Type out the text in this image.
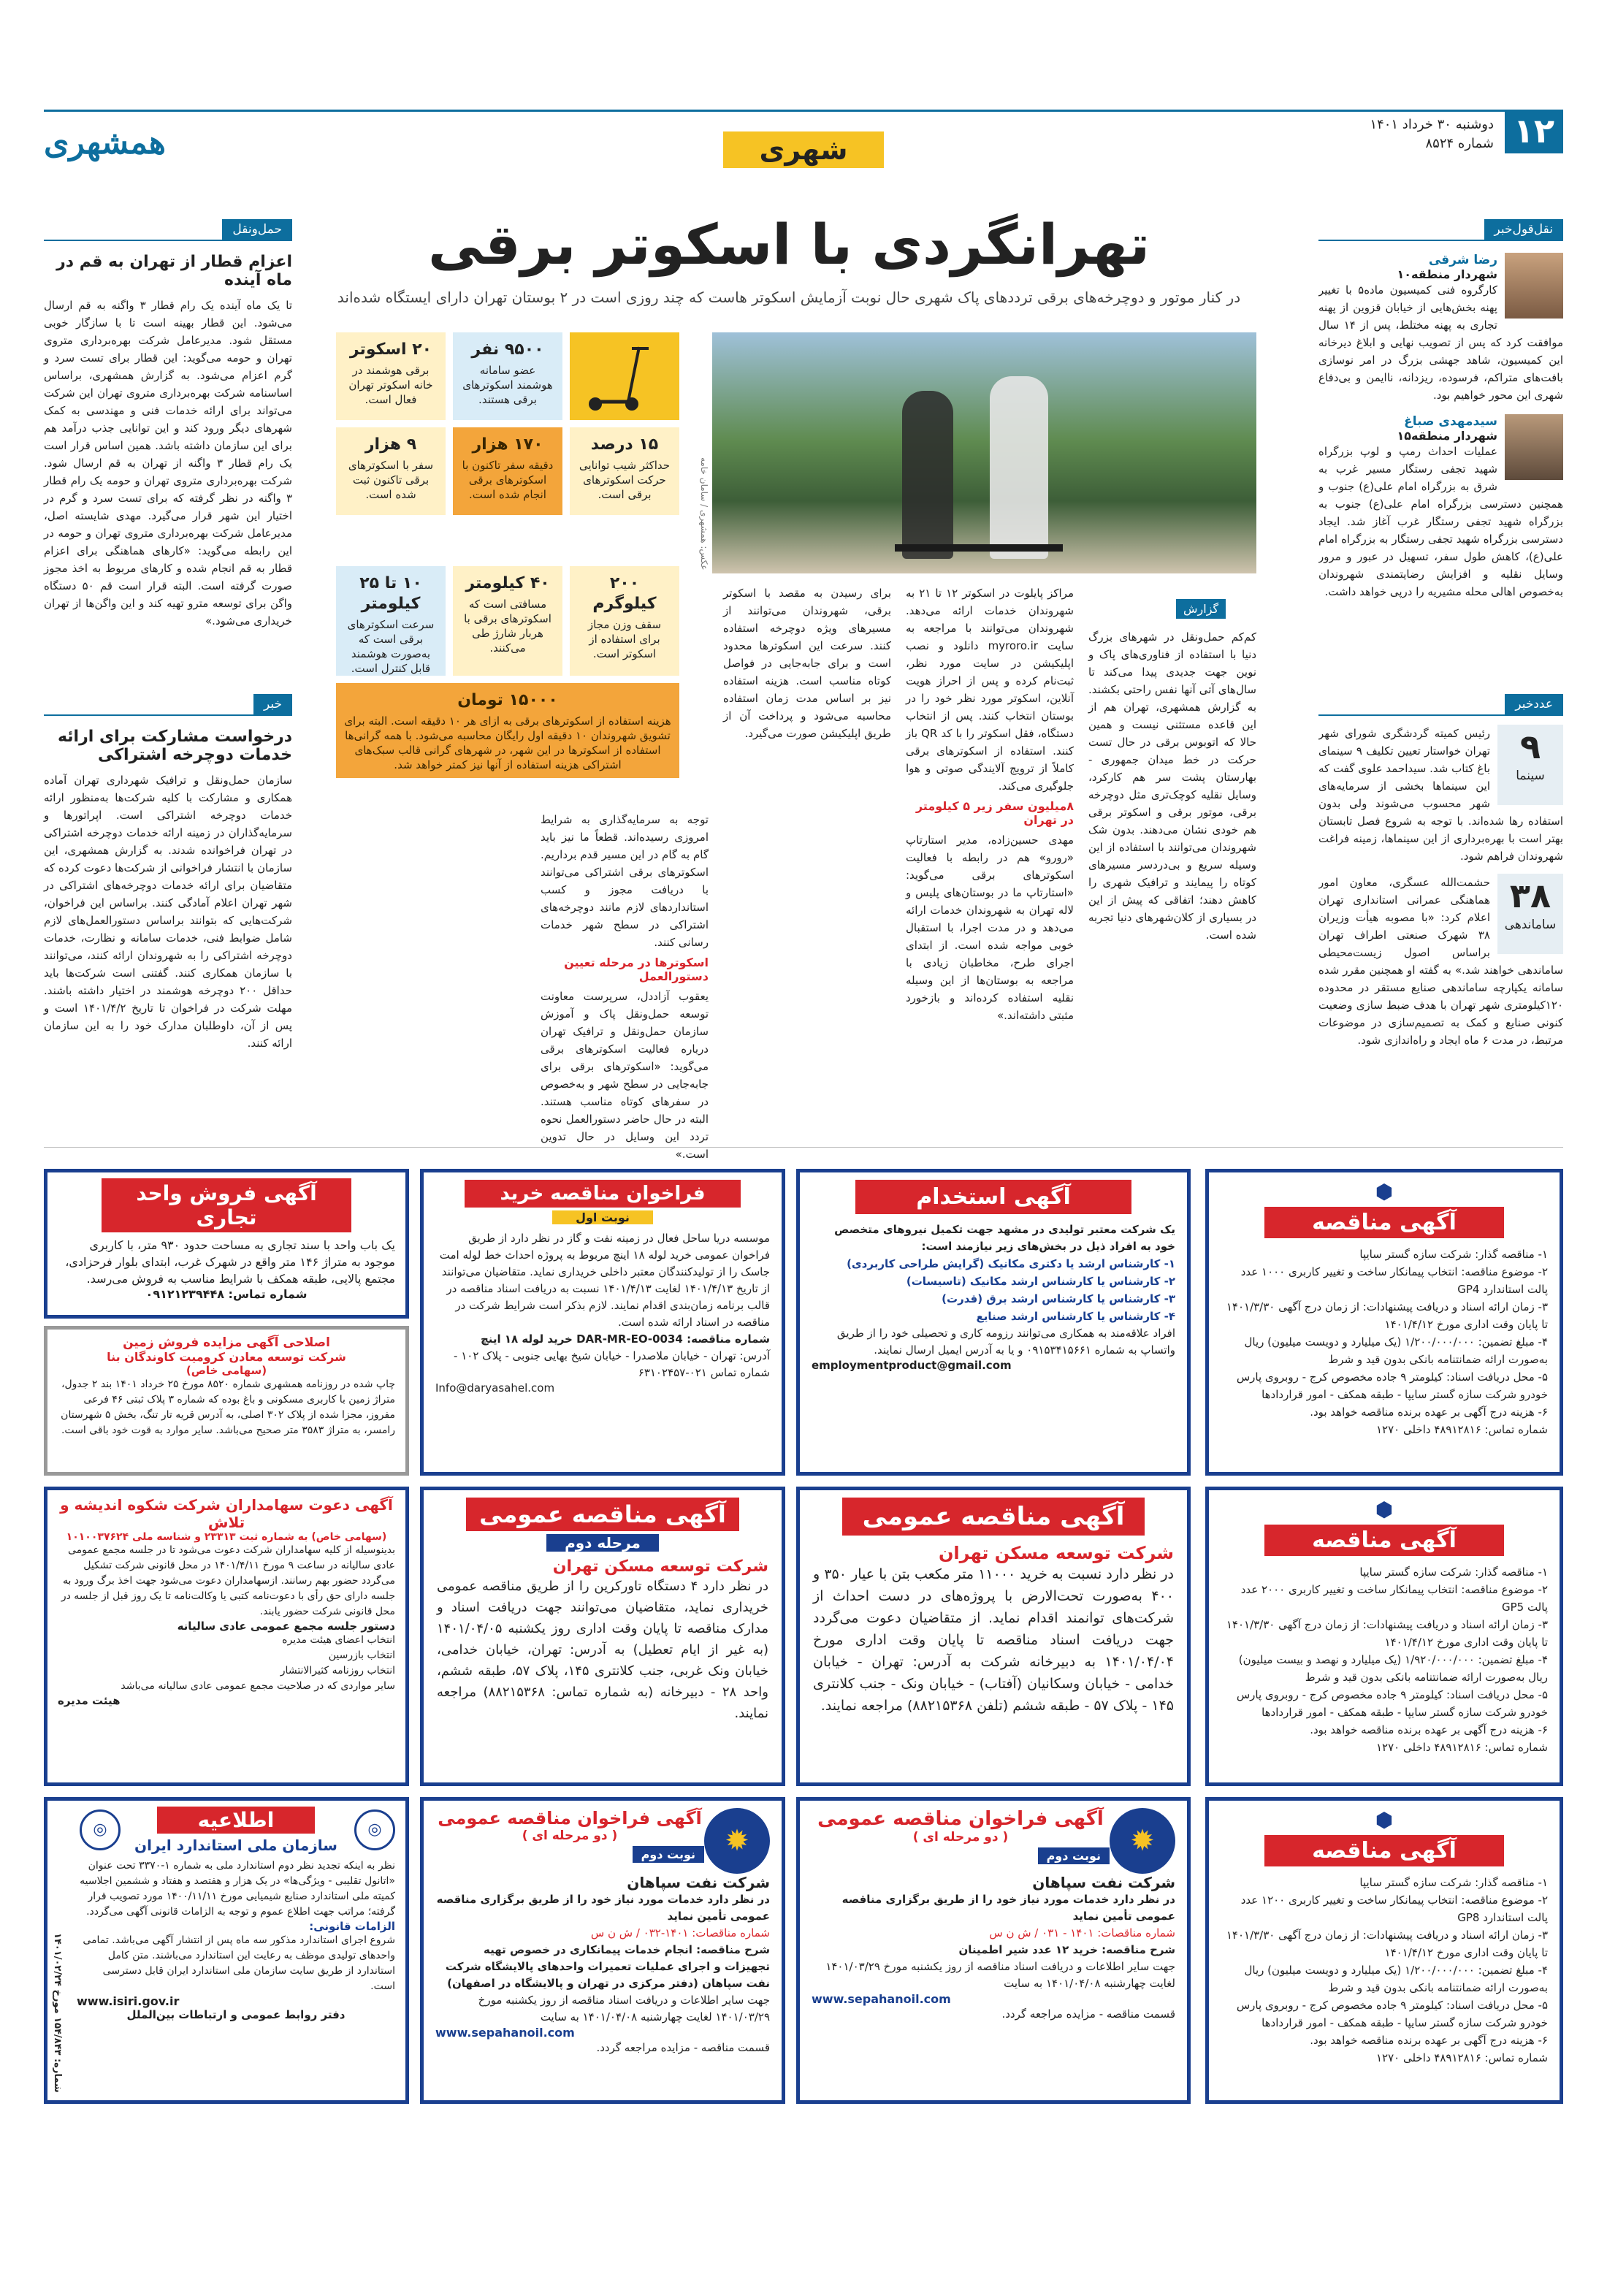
۱۲
دوشنبه ۳۰ خرداد ۱۴۰۱
شماره ۸۵۲۴
شهری
همشهری
نقل‌قول‌خبر
رضا شرقی
شهردار منطقه۱۰

کارگروه فنی کمیسیون ماده۵ با تغییر پهنه بخش‌هایی از خیابان قزوین از پهنه تجاری به پهنه مختلط، پس از ۱۴ سال موافقت کرد که پس از تصویب نهایی و ابلاغ دیرخانه این کمیسیون، شاهد جهشی بزرگ در امر نوسازی بافت‌های متراکم، فرسوده، ریزدانه، ناایمن و بی‌دفاع شهری این محور خواهیم بود.

سیدمهدی صباغ
شهردار منطقه۱۵

عملیات احداث رمپ و لوپ بزرگراه شهید تجفی رستگار مسیر غرب به شرق به بزرگراه امام علی(ع) جنوب و همچنین دسترسی بزرگراه امام علی(ع) جنوب به بزرگراه شهید تجفی رستگار غرب آغاز شد. ایجاد دسترسی بزرگراه شهید تجفی رستگار به بزرگراه امام علی(ع)، کاهش طول سفر، تسهیل در عبور و مرور وسایل نقلیه و افزایش رضایتمندی شهروندان به‌خصوص اهالی محله مشیریه را درپی خواهد داشت.

عدد‌خبر
۹
سینما

رئیس کمیته گردشگری شورای شهر تهران خواستار تعیین تکلیف ۹ سینمای باغ کتاب شد. سیداحمد علوی گفت که این سینماها بخشی از سرمایه‌های شهر محسوب می‌شوند ولی بدون استفاده رها شده‌اند. با توجه به شروع فصل تابستان بهتر است با بهره‌برداری از این سینماها، زمینه فراغت شهروندان فراهم شود.

۳۸
ساماندهی

حشمت‌الله عسگری، معاون امور هماهنگی عمرانی استانداری تهران اعلام کرد: «با مصوبه هیأت وزیران ۳۸ شهرک صنعتی اطراف تهران براساس اصول زیست‌محیطی ساماندهی خواهند شد.» به گفته او همچنین مقرر شده سامانه یکپارچه ساماندهی صنایع مستقر در محدوده ۱۲۰کیلومتری شهر تهران با هدف ضبط سازی وضعیت کنونی صنایع و کمک به تصمیم‌سازی در موضوعات مرتبط، در مدت ۶ ماه ایجاد و راه‌اندازی شود.

تهرانگردی با اسکوتر برقی
در کنار موتور و دوچرخه‌های برقی تردد‌های پاک شهری حال نوبت آزمایش اسکوتر هاست که چند روزی است در ۲ بوستان تهران دارای ایستگاه شده‌اند
عکس: همشهری / سامان خامه
۲۰ اسکوتر
برقی هوشمند در خانه اسکوتر تهران فعال است.
۹۵۰۰ نفر
عضو سامانه هوشمند اسکوترهای برقی هستند.
۹ هزار
سفر با اسکوترهای برقی تاکنون ثبت شده است.
۱۷۰ هزار
دقیقه سفر تاکنون با اسکوترهای برقی انجام شده است.
۱۵ درصد
حداکثر شیب توانایی حرکت اسکوترهای برقی است.
۱۰ تا ۲۵ کیلومتر
سرعت اسکوترهای برقی است که به‌صورت هوشمند قابل کنترل است.
۴۰ کیلومتر
مسافتی است که اسکوترهای برقی با هربار شارژ طی می‌کنند.
۲۰۰ کیلوگرم
سقف وزن مجاز برای استفاده از اسکوتر است.
۱۵۰۰۰ تومان
هزینه استفاده از اسکوترهای برقی به ازای هر ۱۰ دقیقه است. البته برای تشویق شهروندان ۱۰ دقیقه اول رایگان محاسبه می‌شود. با همه گرانی‌ها استفاده از اسکوترها در این شهر، در شهرهای گرانی قالب سبک‌های اشتراکی هزینه استفاده از آنها نیز کمتر خواهد شد.
گزارش

کم‌کم حمل‌ونقل در شهرهای بزرگ دنیا با استفاده از فناوری‌های پاک و نوین جهت جدیدی پیدا می‌کند تا سال‌های آتی آنها نفس راحتی بکشند. به گزارش همشهری، تهران هم از این قاعده مستثنی نیست و همین حالا که اتوبوس برقی در حال تست حرکت در خط میدان جمهوری - بهارستان پشت سر هم کارکرد، وسایل نقلیه کوچک‌تری مثل دوچرخه برقی، موتور برقی و اسکوتر برقی هم خودی نشان می‌دهند. بدون شک شهروندان می‌توانند با استفاده از این وسیله سریع و بی‌دردسر مسیرهای کوتاه را پیمایند و ترافیک شهری را کاهش دهند؛ اتفاقی که پیش از این در بسیاری از کلان‌شهرهای دنیا تجربه شده است.

مراکز پایلوت در اسکوتر ۱۲ تا ۲۱ به شهروندان خدمات ارائه می‌دهد. شهروندان می‌توانند با مراجعه به سایت myroro.ir دانلود و نصب اپلیکیشن در سایت مورد نظر، ثبت‌نام کرده و پس از احراز هویت آنلاین، اسکوتر مورد نظر خود را در بوستان انتخاب کنند. پس از انتخاب دستگاه، فقل اسکوتر را با کد QR باز کنند. استفاده از اسکوترهای برقی کاملاً از ترویج آلایندگی صوتی و هوا جلوگیری می‌کند.

۸میلیون سفر زیر ۵ کیلومتر در تهران

مهدی حسین‌زاده، مدیر استارتاپ «رورو» هم در رابطه با فعالیت اسکوترهای برقی می‌گوید: «استارتاپ ما در بوستان‌های پلیس و لاله تهران به شهروندان خدمات ارائه می‌دهد و در مدت اجرا، با استقبال خوبی مواجه شده است. از ابتدای اجرای طرح، مخاطبان زیادی با مراجعه به بوستان‌ها از این وسیله نقلیه استفاده کرده‌اند و بازخورد مثبتی داشته‌اند.»

برای رسیدن به مقصد با اسکوتر برقی، شهروندان می‌توانند از مسیرهای ویژه دوچرخه استفاده کنند. سرعت این اسکوترها محدود است و برای جابه‌جایی در فواصل کوتاه مناسب است. هزینه استفاده نیز بر اساس مدت زمان استفاده محاسبه می‌شود و پرداخت آن از طریق اپلیکیشن صورت می‌گیرد.

توجه به سرمایه‌گذاری به شرایط امروزی رسیده‌اند. قطعاً ما نیز باید گام به گام در این مسیر قدم برداریم. اسکوترهای برقی اشتراکی می‌توانند با دریافت مجوز و کسب استانداردهای لازم مانند دوچرخه‌های اشتراکی در سطح شهر خدمات رسانی کنند.

اسکوترها در مرحله تعیین دستورالعمل

یعقوب آزاددل، سرپرست معاونت توسعه حمل‌ونقل پاک و آموزش سازمان حمل‌ونقل و ترافیک تهران درباره فعالیت اسکوترهای برقی می‌گوید: «اسکوترهای برقی برای جابه‌جایی در سطح شهر و به‌خصوص در سفرهای کوتاه مناسب هستند. البته در حال حاضر دستورالعمل نحوه تردد این وسایل در حال تدوین است.»

حمل‌و‌نقل
اعزام قطار از تهران به قم در ماه آینده

تا یک ماه آینده یک رام قطار ۳ واگنه به قم ارسال می‌شود. این قطار بهینه است تا با سازگار خوبی مستقل شود. مدیرعامل شرکت بهره‌برداری متروی تهران و حومه می‌گوید: این قطار برای تست سرد و گرم اعزام می‌شود. به گزارش همشهری، براساس اساسنامه شرکت بهره‌برداری متروی تهران این شرکت می‌تواند برای ارائه خدمات فنی و مهندسی به کمک شهرهای دیگر ورود کند و این توانایی جذب درآمد هم برای این سازمان داشته باشد. همین اساس قرار است یک رام قطار ۳ واگنه از تهران به قم ارسال شود. شرکت بهره‌برداری متروی تهران و حومه یک رام قطار ۳ واگنه در نظر گرفته که برای تست سرد و گرم در اختیار این شهر قرار می‌گیرد. مهدی شایسته اصل، مدیرعامل شرکت بهره‌برداری متروی تهران و حومه در این رابطه می‌گوید: «کارهای هماهنگی برای اعزام قطار به قم انجام شده و کارهای مربوط به اخذ مجوز صورت گرفته است. البته قرار است قم ۵۰ دستگاه واگن برای توسعه مترو تهیه کند و این واگن‌ها از تهران خریداری می‌شود.»

خبر
درخواست مشارکت برای ارائه خدمات دوچرخه اشتراکی

سازمان حمل‌ونقل و ترافیک شهرداری تهران آماده همکاری و مشارکت با کلیه شرکت‌ها به‌منظور ارائه خدمات دوچرخه اشتراکی است. اپراتورها و سرمایه‌گذاران در زمینه ارائه خدمات دوچرخه اشتراکی در تهران فراخوانده شدند. به گزارش همشهری، این سازمان با انتشار فراخوانی از شرکت‌ها دعوت کرده که متقاضیان برای ارائه خدمات دوچرخه‌های اشتراکی در شهر تهران اعلام آمادگی کنند. براساس این فراخوان، شرکت‌هایی که بتوانند براساس دستورالعمل‌های لازم شامل ضوابط فنی، خدمات سامانه و نظارت، خدمات دوچرخه اشتراکی را به شهروندان ارائه کنند، می‌توانند با سازمان همکاری کنند. گفتنی است شرکت‌ها باید حداقل ۲۰۰ دوچرخه هوشمند در اختیار داشته باشند. مهلت شرکت در فراخوان تا تاریخ ۱۴۰۱/۴/۲ است و پس از آن، داوطلبان مدارک خود را به این سازمان ارائه کنند.

⬢
آگهی مناقصه
۱- مناقصه گذار: شرکت سازه گستر سایپا
۲- موضوع مناقصه: انتخاب پیمانکار ساخت و تغییر کاربری ۱۰۰۰ عدد پالت استاندارد GP4
۳- زمان ارائه اسناد و دریافت پیشنهادات: از زمان درج آگهی ۱۴۰۱/۳/۳۰ تا پایان وقت اداری مورخ ۱۴۰۱/۴/۱۲
۴- مبلغ تضمین: ۱/۲۰۰/۰۰۰/۰۰۰ (یک میلیارد و دویست میلیون) ریال به‌صورت ارائه ضمانتنامه بانکی بدون قید و شرط
۵- محل دریافت اسناد: کیلومتر ۹ جاده مخصوص کرج - روبروی پارس خودرو شرکت سازه گستر سایپا - طبقه همکف - امور قراردادها
۶- هزینه درج آگهی بر عهده برنده مناقصه خواهد بود.
شماره تماس: ۴۸۹۱۲۸۱۶ داخلی ۱۲۷۰
آگهی استخدام

یک شرکت معتبر تولیدی در مشهد جهت تکمیل نیروهای متخصص خود به افراد ذیل در بخش‌های زیر نیازمند است:

۱- کارشناس ارشد یا دکتری مکانیک (گرایش طراحی کاربردی)
۲- کارشناس یا کارشناس ارشد مکانیک (تاسیسات)
۳- کارشناس یا کارشناس ارشد برق (قدرت)
۴- کارشناس یا کارشناس ارشد صنایع

افراد علاقه‌مند به همکاری می‌توانند رزومه کاری و تحصیلی خود را از طریق واتساپ به شماره ۰۹۱۵۳۴۱۵۶۶۱ و یا به آدرس ایمیل ارسال نمایند.

employmentproduct@gmail.com
فراخوان مناقصه خرید
نوبت اول

موسسه دریا ساحل فعال در زمینه نفت و گاز در نظر دارد از طریق فراخوان عمومی خرید لوله ۱۸ اینچ مربوط به پروژه احداث خط لوله امت جاسک را از تولیدکنندگان معتبر داخلی خریداری نماید. متقاضیان می‌توانند از تاریخ ۱۴۰۱/۴/۱۳ لغایت ۱۴۰۱/۴/۱۳ نسبت به دریافت اسناد مناقصه در قالب برنامه زمان‌بندی اقدام نمایند. لازم بذکر است شرایط شرکت در مناقصه در اسناد ارائه شده است.

شماره مناقصه: DAR-MR-EO-0034 خرید لوله ۱۸ اینچ

آدرس: تهران - خیابان ملاصدرا - خیابان شیخ بهایی جنوبی - پلاک ۱۰۲ - شماره تماس ۰۲۱-۶۳۱۰۲۴۵۷

Info@daryasahel.com
آگهی فروش واحد تجاری

یک باب واحد با سند تجاری به مساحت حدود ۹۳۰ متر، با کاربری موجود به متراژ ۱۴۶ متر واقع در شهرک غرب، ابتدای بلوار فرحزادی، مجتمع پالایی، طبقه همکف با شرایط مناسب به فروش می‌رسد.

شماره تماس: ۰۹۱۲۱۲۳۹۴۴۸
اصلاحی آگهی مزایده فروش زمین
شرکت توسعه معادن کرومیت کاوندگان بنا
(سهامی خاص)

چاپ شده در روزنامه همشهری شماره ۸۵۲۰ مورخ ۲۵ خرداد ۱۴۰۱ بند ۲ جدول، متراژ زمین با کاربری مسکونی و باغ بوده که شماره ۳ پلاک ثبتی ۴۶ فرعی مفروز، مجزا شده از پلاک ۳۰۲ اصلی، به آدرس قریه تار تنگ، بخش ۵ شهرستان رامسر، به متراژ ۳۵۸۳ متر صحیح می‌باشد. سایر موارد به قوت خود باقی است.

⬢
آگهی مناقصه
۱- مناقصه گذار: شرکت سازه گستر سایپا
۲- موضوع مناقصه: انتخاب پیمانکار ساخت و تغییر کاربری ۲۰۰۰ عدد پالت GP5
۳- زمان ارائه اسناد و دریافت پیشنهادات: از زمان درج آگهی ۱۴۰۱/۳/۳۰ تا پایان وقت اداری مورخ ۱۴۰۱/۴/۱۲
۴- مبلغ تضمین: ۱/۹۲۰/۰۰۰/۰۰۰ (یک میلیارد و نهصد و بیست میلیون) ریال به‌صورت ارائه ضمانتنامه بانکی بدون قید و شرط
۵- محل دریافت اسناد: کیلومتر ۹ جاده مخصوص کرج - روبروی پارس خودرو شرکت سازه گستر سایپا - طبقه همکف - امور قراردادها
۶- هزینه درج آگهی بر عهده برنده مناقصه خواهد بود.
شماره تماس: ۴۸۹۱۲۸۱۶ داخلی ۱۲۷۰
آگهی مناقصه عمومی
شرکت توسعه مسکن تهران

در نظر دارد نسبت به خرید ۱۱۰۰۰ متر مکعب بتن با عیار ۳۵۰ و ۴۰۰ به‌صورت تحت‌الارض با پروژه‌های در دست احداث از شرکت‌های توانمند اقدام نماید. از متقاضیان دعوت می‌گردد جهت دریافت اسناد مناقصه تا پایان وقت اداری مورخ ۱۴۰۱/۰۴/۰۴ به دبیرخانه شرکت به آدرس: تهران - خیابان خدامی - خیابان وسکانیان (آفتاب) - خیابان ونک - جنب کلانتری ۱۴۵ - پلاک ۵۷ - طبقه ششم (تلفن ۸۸۲۱۵۳۶۸) مراجعه نمایند.

آگهی مناقصه عمومی
مرحله دوم
شرکت توسعه مسکن تهران

در نظر دارد ۴ دستگاه تاورکرین را از طریق مناقصه عمومی خریداری نماید، متقاضیان می‌توانند جهت دریافت اسناد و مدارک مناقصه تا پایان وقت اداری روز یکشنبه ۱۴۰۱/۰۴/۰۵ (به غیر از ایام تعطیل) به آدرس: تهران، خیابان خدامی، خیابان ونک غربی، جنب کلانتری ۱۴۵، پلاک ۵۷، طبقه ششم، واحد ۲۸ - دبیرخانه (به شماره تماس: ۸۸۲۱۵۳۶۸) مراجعه نمایند.

آگهی دعوت سهامداران شرکت شکوه اندیشه و تلاش
(سهامی خاص) به شماره ثبت ۲۳۳۱۳ و شناسه ملی ۱۰۱۰۰۳۷۶۲۴

بدینوسیله از کلیه سهامداران شرکت دعوت می‌شود تا در جلسه مجمع عمومی عادی سالیانه در ساعت ۹ مورخ ۱۴۰۱/۴/۱۱ در محل قانونی شرکت تشکیل می‌گردد حضور بهم رسانند. ازسهامداران دعوت می‌شود جهت اخذ برگ ورود به جلسه دارای حق رأی با دعوت‌نامه کتبی یا وکالت‌نامه تا یک روز قبل از جلسه در محل قانونی شرکت حضور یابند.

دستور جلسه مجمع عمومی عادی سالیانه
انتخاب اعضای هیئت مدیره
انتخاب بازرسین
انتخاب روزنامه کثیرالانتشار
سایر مواردی که در صلاحیت مجمع عمومی عادی سالیانه می‌باشد
هیئت مدیره
⬢
آگهی مناقصه
۱- مناقصه گذار: شرکت سازه گستر سایپا
۲- موضوع مناقصه: انتخاب پیمانکار ساخت و تغییر کاربری ۱۲۰۰ عدد پالت استاندارد GP8
۳- زمان ارائه اسناد و دریافت پیشنهادات: از زمان درج آگهی ۱۴۰۱/۳/۳۰ تا پایان وقت اداری مورخ ۱۴۰۱/۴/۱۲
۴- مبلغ تضمین: ۱/۲۰۰/۰۰۰/۰۰۰ (یک میلیارد و دویست میلیون) ریال به‌صورت ارائه ضمانتنامه بانکی بدون قید و شرط
۵- محل دریافت اسناد: کیلومتر ۹ جاده مخصوص کرج - روبروی پارس خودرو شرکت سازه گستر سایپا - طبقه همکف - امور قراردادها
۶- هزینه درج آگهی بر عهده برنده مناقصه خواهد بود.
شماره تماس: ۴۸۹۱۲۸۱۶ داخلی ۱۲۷۰
✹
آگهی فراخوان مناقصه عمومی
( دو مرحله ای )
نوبت دوم
شرکت نفت سپاهان

در نظر دارد خدمات مورد نیاز خود را از طریق برگزاری مناقصه عمومی تأمین نماید

شماره مناقصات: ۱۴۰۱ - ۰۳۱ / ش ن س

شرح مناقصه: خرید ۱۲ عدد شیر اطمینان

جهت سایر اطلاعات و دریافت اسناد مناقصه از روز یکشنبه مورخ ۱۴۰۱/۰۳/۲۹ لغایت چهارشنبه ۱۴۰۱/۰۴/۰۸ به سایت

www.sepahanoil.com

قسمت مناقصه - مزایده مراجعه گردد.

✹
آگهی فراخوان مناقصه عمومی
( دو مرحله ای )
نوبت دوم
شرکت نفت سپاهان

در نظر دارد خدمات مورد نیاز خود را از طریق برگزاری مناقصه عمومی تأمین نماید

شماره مناقصات: ۱۴۰۱-۰۳۲ / ش ن س

شرح مناقصه: انجام خدمات پیمانکاری در خصوص تهیه تجهیزات و اجرای عملیات تعمیرات واحدهای پالایشگاه شرکت نفت سپاهان (دفتر مرکزی در تهران و پالایشگاه در اصفهان)

جهت سایر اطلاعات و دریافت اسناد مناقصه از روز یکشنبه مورخ ۱۴۰۱/۰۳/۲۹ لغایت چهارشنبه ۱۴۰۱/۰۴/۰۸ به سایت

www.sepahanoil.com

قسمت مناقصه - مزایده مراجعه گردد.

اطلاعیه	◎
◎
سازمان ملی استاندارد ایران

نظر به اینکه تجدید نظر دوم استاندارد ملی به شماره ۱-۳۳۷۰ تحت عنوان «اتانول تقلیبی - ویژگی‌ها» در یک هزار و هفتصد و هفتاد و ششمین اجلاسیه کمیته ملی استاندارد صنایع شیمیایی مورخ ۱۴۰۰/۱۱/۱۱ مورد تصویب قرار گرفته؛ مراتب جهت اطلاع عموم و توجه به الزامات قانونی آگهی می‌گردد.

الزامات قانونی:

شروع اجرای استاندارد مذکور سه ماه پس از انتشار آگهی می‌باشد. تمامی واحدهای تولیدی موظف به رعایت این استاندارد می‌باشند. متن کامل استاندارد از طریق سایت سازمان ملی استاندارد ایران قابل دسترسی است.

www.isiri.gov.ir
دفتر روابط عمومی و ارتباطات بین‌الملل
شماره: ۱۵۴/۸۴۳ مورخ ۱۴۰۱/۰۲/۲۴
